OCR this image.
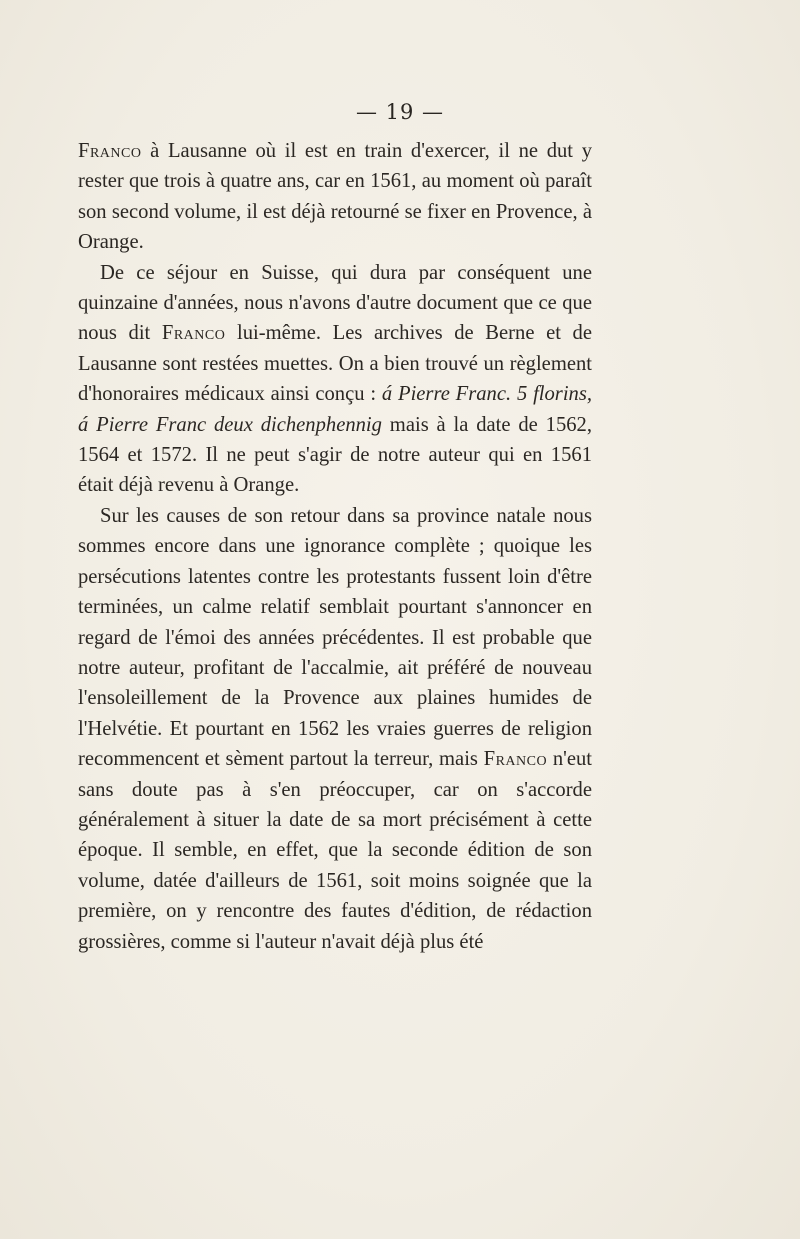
— 19 —

Franco à Lausanne où il est en train d'exercer, il ne dut y rester que trois à quatre ans, car en 1561, au moment où paraît son second volume, il est déjà retourné se fixer en Provence, à Orange.

De ce séjour en Suisse, qui dura par conséquent une quinzaine d'années, nous n'avons d'autre document que ce que nous dit Franco lui-même. Les archives de Berne et de Lausanne sont restées muettes. On a bien trouvé un règlement d'honoraires médicaux ainsi conçu : á Pierre Franc. 5 florins, á Pierre Franc deux dichenphennig mais à la date de 1562, 1564 et 1572. Il ne peut s'agir de notre auteur qui en 1561 était déjà revenu à Orange.

Sur les causes de son retour dans sa province natale nous sommes encore dans une ignorance complète ; quoique les persécutions latentes contre les protestants fussent loin d'être terminées, un calme relatif semblait pourtant s'annoncer en regard de l'émoi des années précédentes. Il est probable que notre auteur, profitant de l'accalmie, ait préféré de nouveau l'ensoleillement de la Provence aux plaines humides de l'Helvétie. Et pourtant en 1562 les vraies guerres de religion recommencent et sèment partout la terreur, mais Franco n'eut sans doute pas à s'en préoccuper, car on s'accorde généralement à situer la date de sa mort précisément à cette époque. Il semble, en effet, que la seconde édition de son volume, datée d'ailleurs de 1561, soit moins soignée que la première, on y rencontre des fautes d'édition, de rédaction grossières, comme si l'auteur n'avait déjà plus été
